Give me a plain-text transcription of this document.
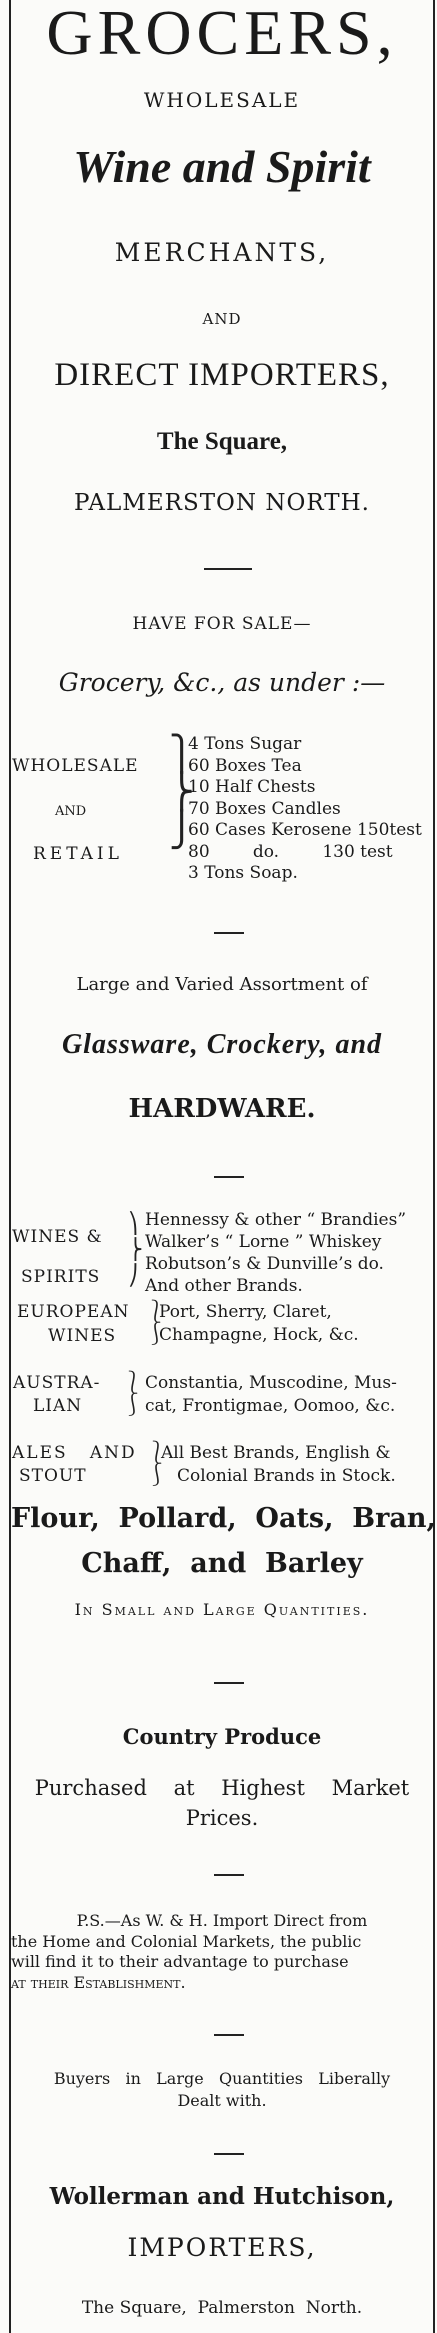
GROCERS,
WHOLESALE
Wine and Spirit
MERCHANTS,
AND
DIRECT IMPORTERS,
The Square,
PALMERSTON NORTH.
HAVE FOR SALE—
Grocery, &c., as under :—
WHOLESALE
AND
RETAIL
⎫
⎬
⎭
4 Tons Sugar
60 Boxes Tea
10 Half Chests
70 Boxes Candles
60 Cases Kerosene 150test
80        do.        130 test
3 Tons Soap.
Large and Varied Assortment of
Glassware, Crockery, and
HARDWARE.
WINES &
SPIRITS
⎞
⎬
⎠
Hennessy & other “ Brandies”
Walker’s “ Lorne ” Whiskey
Robutson’s & Dunville’s do.
And other Brands.
EUROPEAN
WINES
⎱
⎰
Port, Sherry, Claret,
Champagne, Hock, &c.
AUSTRA-
LIAN
⎱
⎰
Constantia, Muscodine, Mus-
cat, Frontigmae, Oomoo, &c.
ALES   AND
STOUT
⎱
⎰
All Best Brands, English &
Colonial Brands in Stock.
Flour,  Pollard,  Oats,  Bran,
Chaff,  and  Barley
In Small and Large Quantities.
Country Produce
Purchased    at    Highest    Market
Prices.
P.S.—As W. & H. Import Direct from
the Home and Colonial Markets, the public
will find it to their advantage to purchase
at their Establishment.
Buyers   in   Large   Quantities   Liberally
Dealt with.
Wollerman and Hutchison,
IMPORTERS,
The Square,  Palmerston  North.
